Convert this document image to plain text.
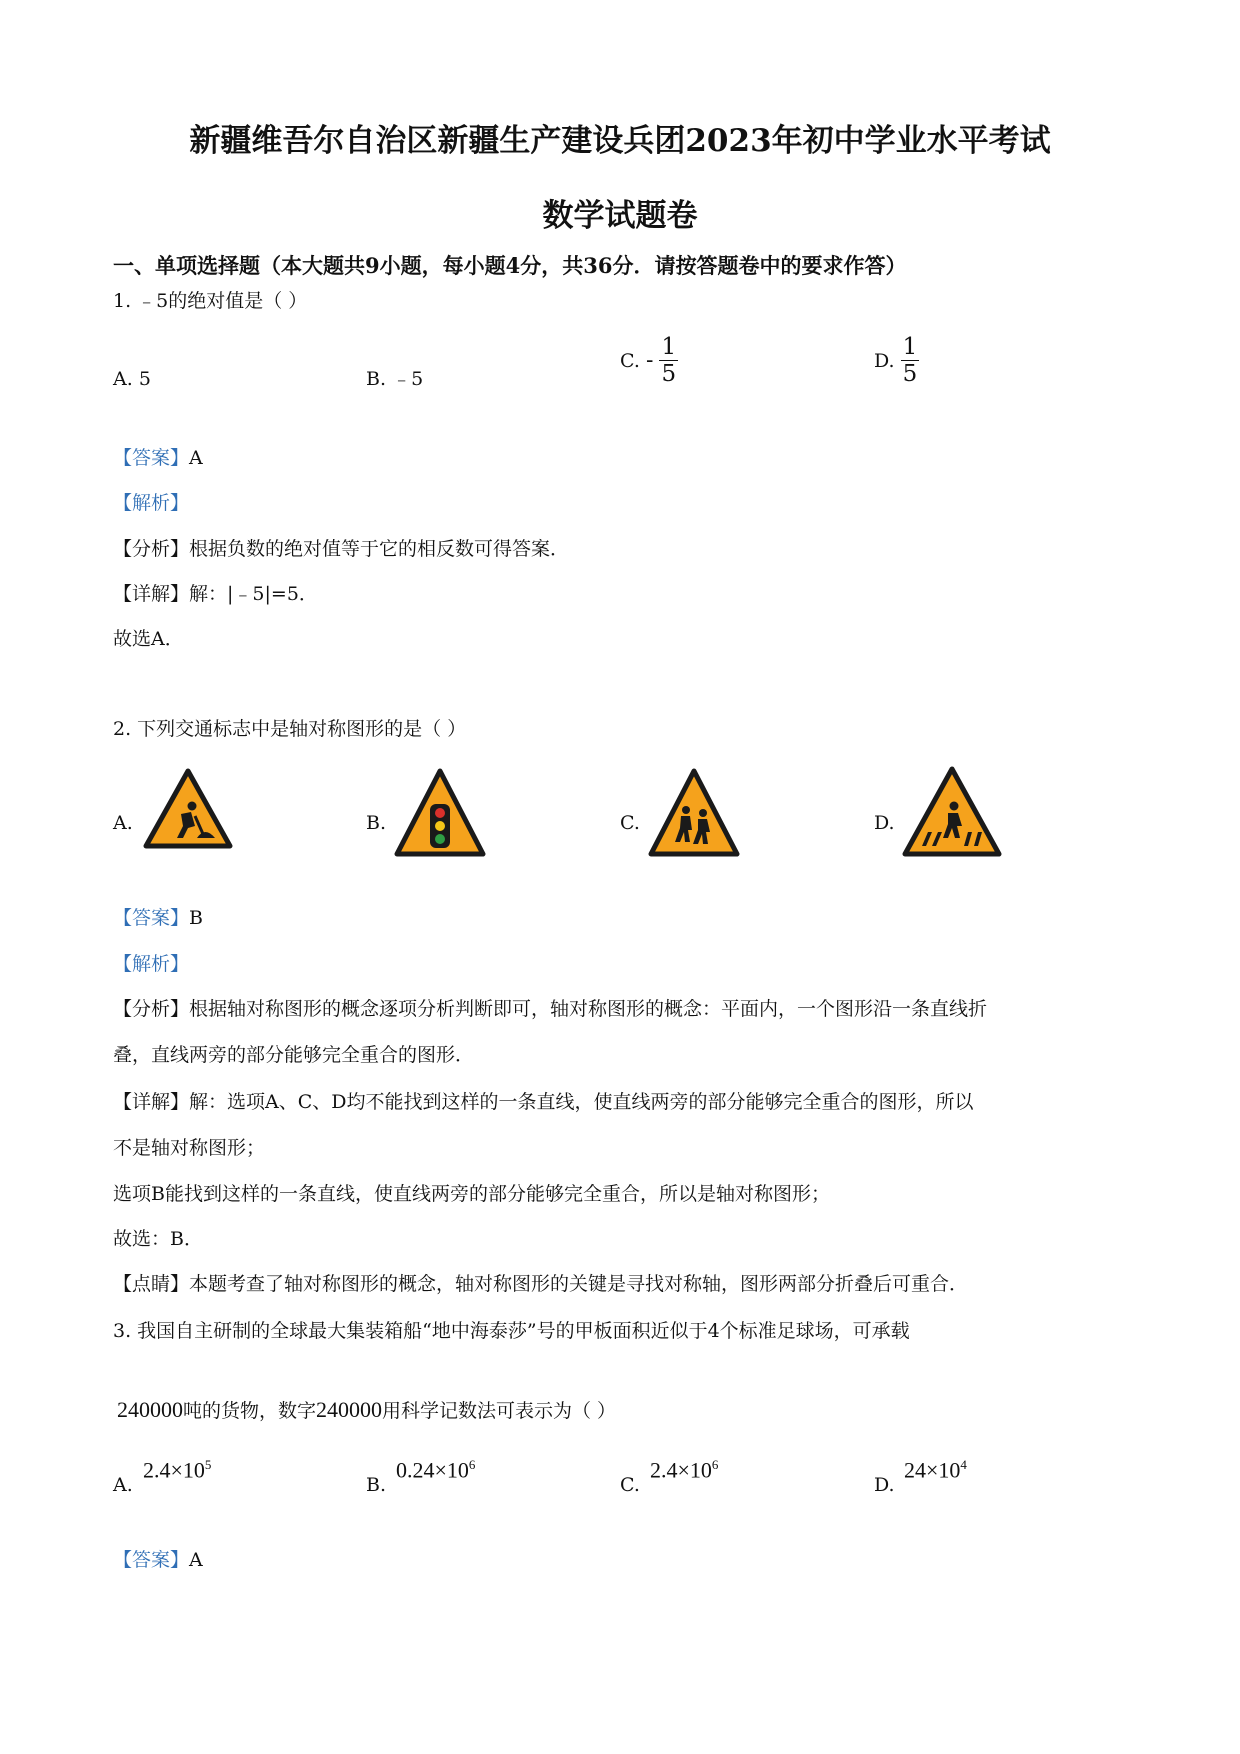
新疆维吾尔自治区新疆生产建设兵团2023年初中学业水平考试
数学试题卷
一、单项选择题（本大题共9小题，每小题4分，共36分．请按答题卷中的要求作答）
1. ﹣5的绝对值是（ ）
A. 5	B. ﹣5
C. - $\frac{1}{5}$	D. $\frac{1}{5}$
【答案】A
【解析】
【分析】根据负数的绝对值等于它的相反数可得答案．
【详解】解：|﹣5|=5．
故选A．
2. 下列交通标志中是轴对称图形的是（ ）
A.	B.	C.	D.
【答案】B
【解析】
【分析】根据轴对称图形的概念逐项分析判断即可，轴对称图形的概念：平面内，一个图形沿一条直线折
叠，直线两旁的部分能够完全重合的图形．
【详解】解：选项A、C、D均不能找到这样的一条直线，使直线两旁的部分能够完全重合的图形，所以
不是轴对称图形；
选项B能找到这样的一条直线，使直线两旁的部分能够完全重合，所以是轴对称图形；
故选：B．
【点睛】本题考查了轴对称图形的概念，轴对称图形的关键是寻找对称轴，图形两部分折叠后可重合．
3. 我国自主研制的全球最大集装箱船“地中海泰莎”号的甲板面积近似于4个标准足球场，可承载
240000吨的货物，数字240000用科学记数法可表示为（ ）
A.
$2.4\times 10^5$
B.
$0.24\times 10^6$
C.
$2.4\times 10^6$
D.
$24\times 10^4$
【答案】A
